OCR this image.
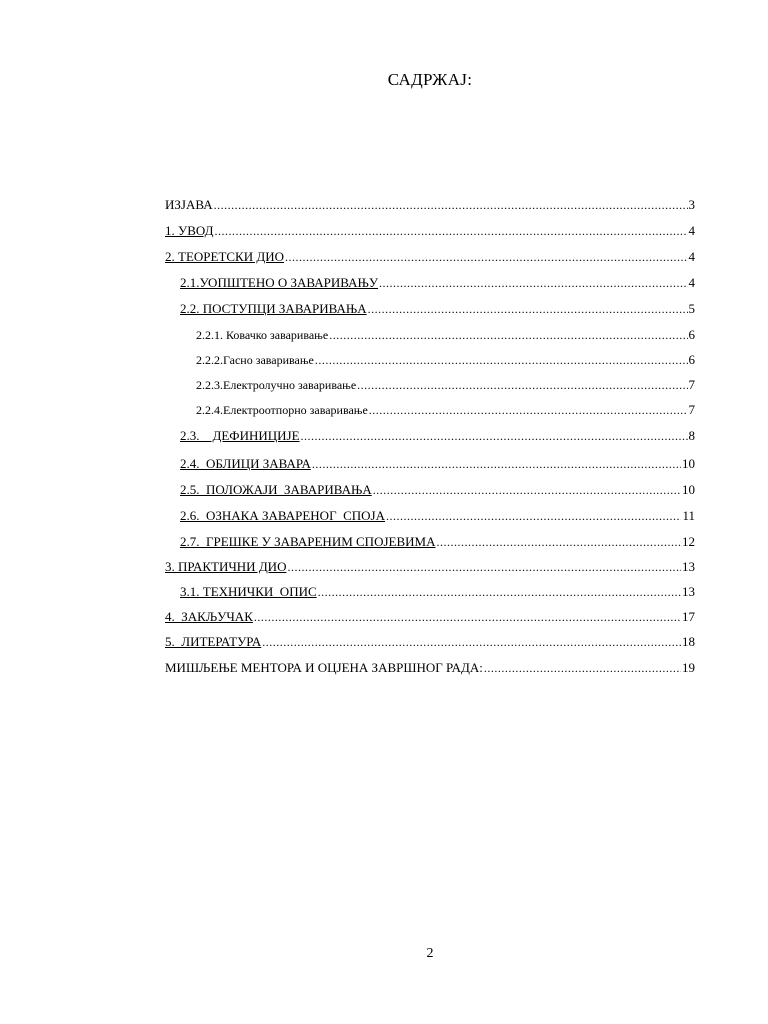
САДРЖАЈ:
ИЗЈАВА .....	3
1. УВОД .....	4
2. ТЕОРЕТСКИ ДИО .....	4
2.1.УОПШТЕНО О ЗАВАРИВАЊУ .....	4
2.2. ПОСТУПЦИ ЗАВАРИВАЊА .....	5
2.2.1. Ковачко заваривање .....	6
2.2.2.Гасно заваривање .....	6
2.2.3.Електролучно заваривање .....	7
2.2.4.Електроотпорно заваривање .....	7
2.3.    ДЕФИНИЦИЈЕ .....	8
2.4.  ОБЛИЦИ ЗАВАРА .....	10
2.5.  ПОЛОЖАЈИ  ЗАВАРИВАЊА .....	10
2.6.  ОЗНАКА ЗАВАРЕНОГ  СПОЈА .....	11
2.7.  ГРЕШКЕ У ЗАВАРЕНИМ СПОЈЕВИМА .....	12
3. ПРАКТИЧНИ ДИО .....	13
3.1. ТЕХНИЧКИ  ОПИС .....	13
4.  ЗАКЉУЧАК .....	17
5.  ЛИТЕРАТУРА .....	18
МИШЉЕЊЕ МЕНТОРА И ОЦЈЕНА ЗАВРШНОГ РАДА: .....	19
2
